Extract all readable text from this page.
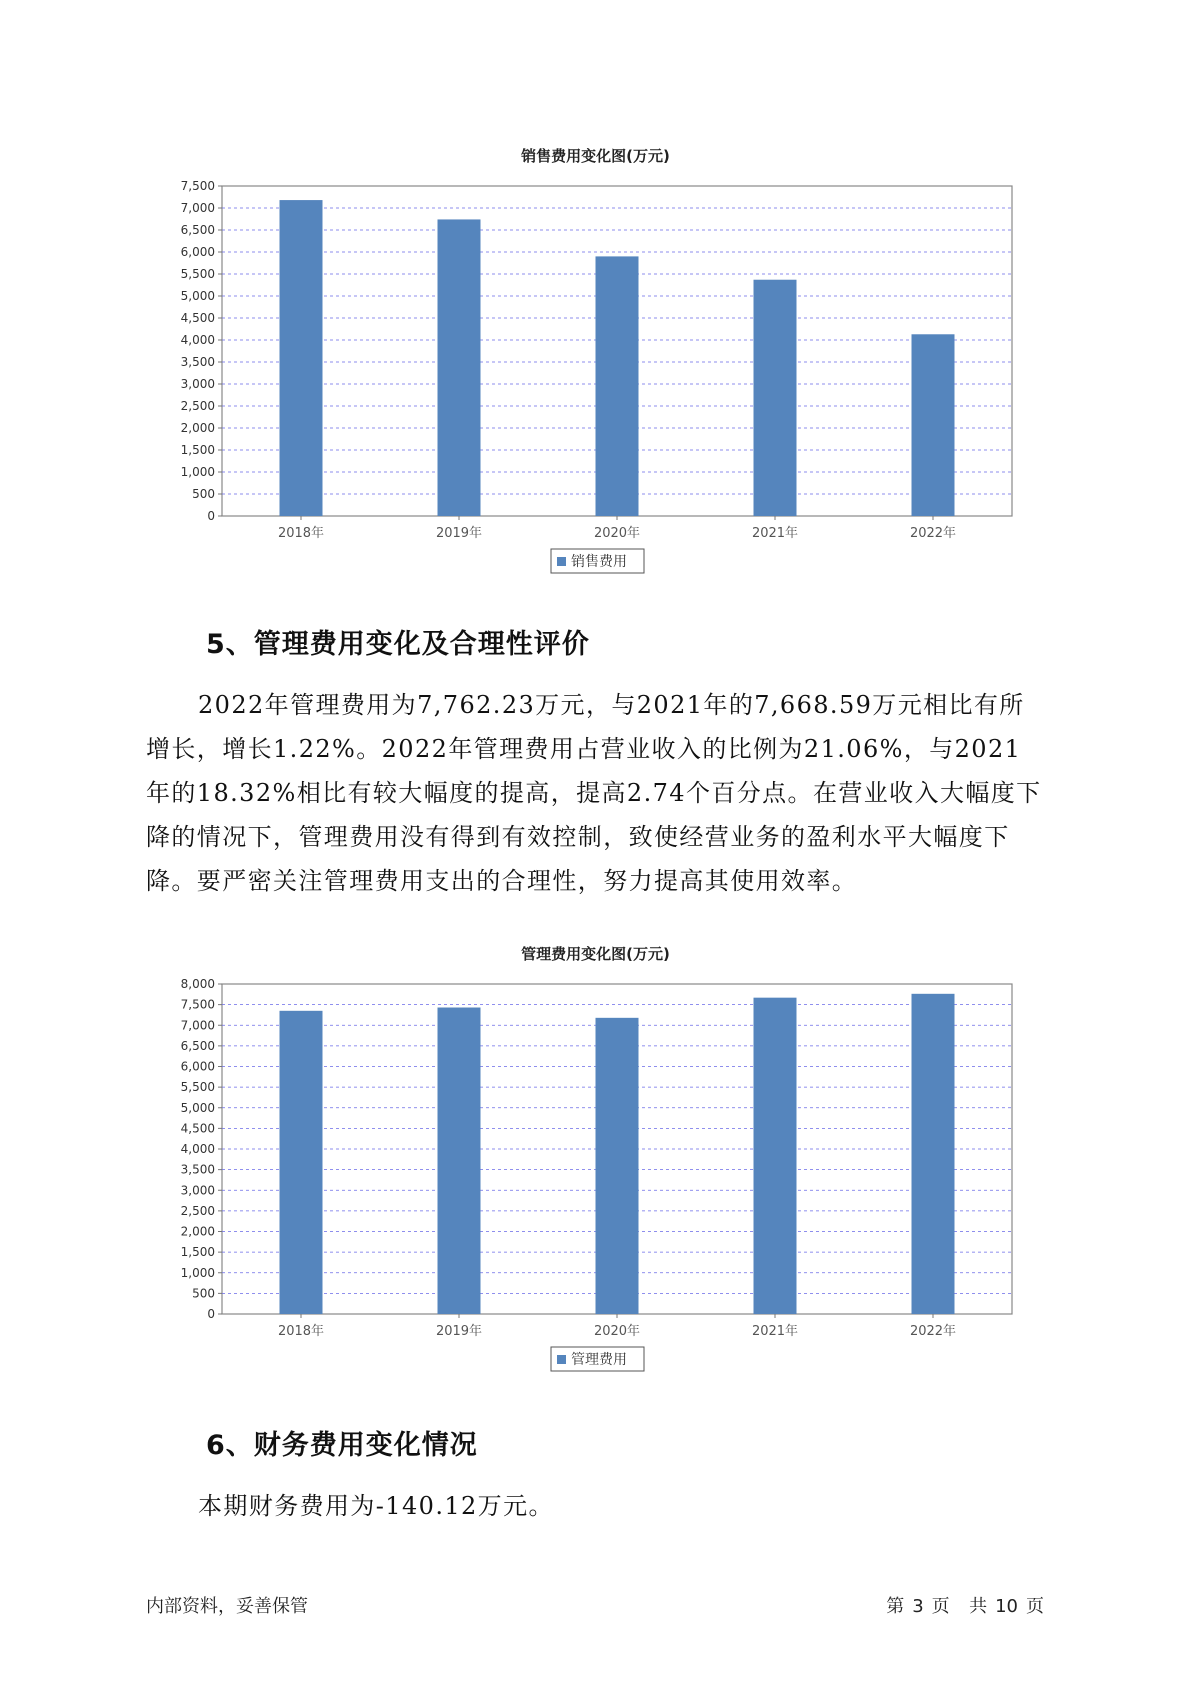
销售费用变化图(万元)
0
500
1,000
1,500
2,000
2,500
3,000
3,500
4,000
4,500
5,000
5,500
6,000
6,500
7,000
7,500
2018年	2019年	2020年	2021年	2022年
销售费用
5、管理费用变化及合理性评价

2022年管理费用为7,762.23万元，与2021年的7,668.59万元相比有所增长，增长1.22%。2022年管理费用占营业收入的比例为21.06%，与2021年的18.32%相比有较大幅度的提高，提高2.74个百分点。在营业收入大幅度下降的情况下，管理费用没有得到有效控制，致使经营业务的盈利水平大幅度下降。要严密关注管理费用支出的合理性，努力提高其使用效率。

管理费用变化图(万元)
0
500
1,000
1,500
2,000
2,500
3,000
3,500
4,000
4,500
5,000
5,500
6,000
6,500
7,000
7,500
8,000
2018年	2019年	2020年	2021年	2022年
管理费用
6、财务费用变化情况

本期财务费用为-140.12万元。

内部资料，妥善保管	第 3 页 共 10 页
